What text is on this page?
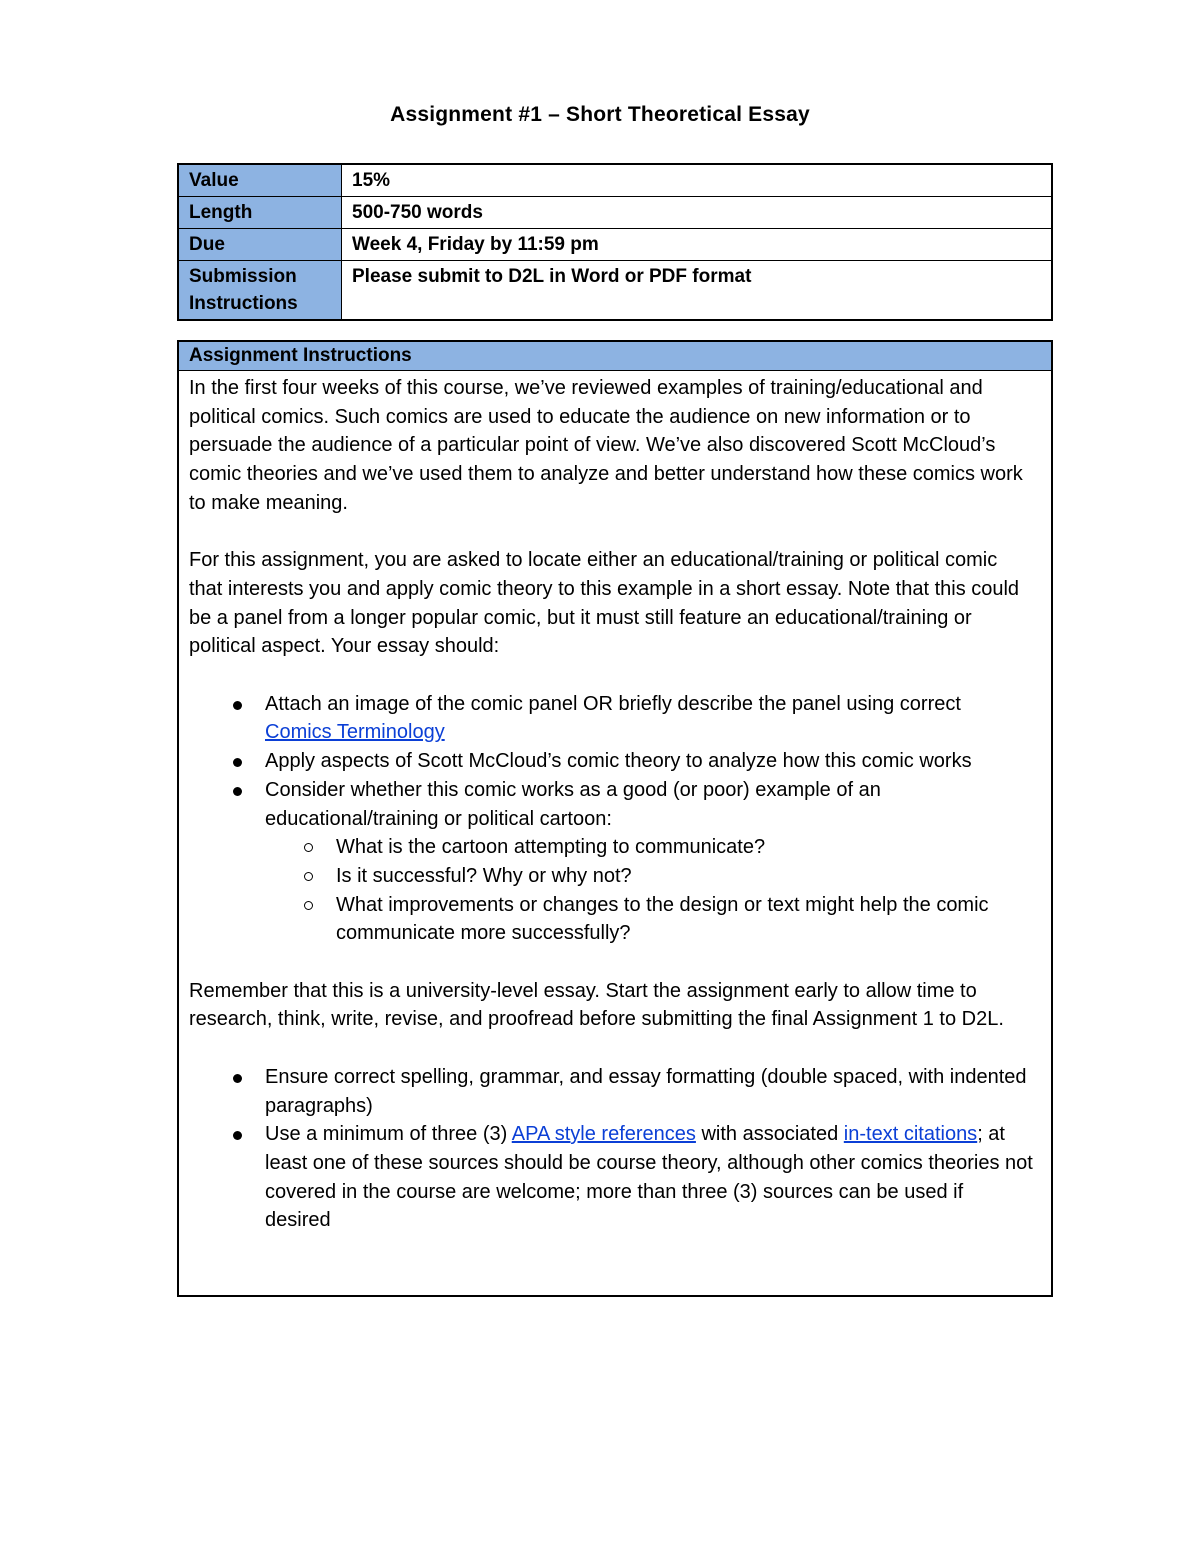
Assignment #1 – Short Theoretical Essay
Value	15%
Length	500-750 words
Due	Week 4, Friday by 11:59 pm
Submission Instructions	Please submit to D2L in Word or PDF format
Assignment Instructions

In the first four weeks of this course, we’ve reviewed examples of training/educational and political comics. Such comics are used to educate the audience on new information or to persuade the audience of a particular point of view. We’ve also discovered Scott McCloud’s comic theories and we’ve used them to analyze and better understand how these comics work to make meaning.

For this assignment, you are asked to locate either an educational/training or political comic that interests you and apply comic theory to this example in a short essay. Note that this could be a panel from a longer popular comic, but it must still feature an educational/training or political aspect. Your essay should:

Attach an image of the comic panel OR briefly describe the panel using correct
Comics Terminology
Apply aspects of Scott McCloud’s comic theory to analyze how this comic works
Consider whether this comic works as a good (or poor) example of an educational/training or political cartoon:
What is the cartoon attempting to communicate?
Is it successful? Why or why not?
What improvements or changes to the design or text might help the comic communicate more successfully?

Remember that this is a university-level essay. Start the assignment early to allow time to research, think, write, revise, and proofread before submitting the final Assignment 1 to D2L.

Ensure correct spelling, grammar, and essay formatting (double spaced, with indented paragraphs)
Use a minimum of three (3) APA style references with associated in-text citations; at least one of these sources should be course theory, although other comics theories not covered in the course are welcome; more than three (3) sources can be used if desired
